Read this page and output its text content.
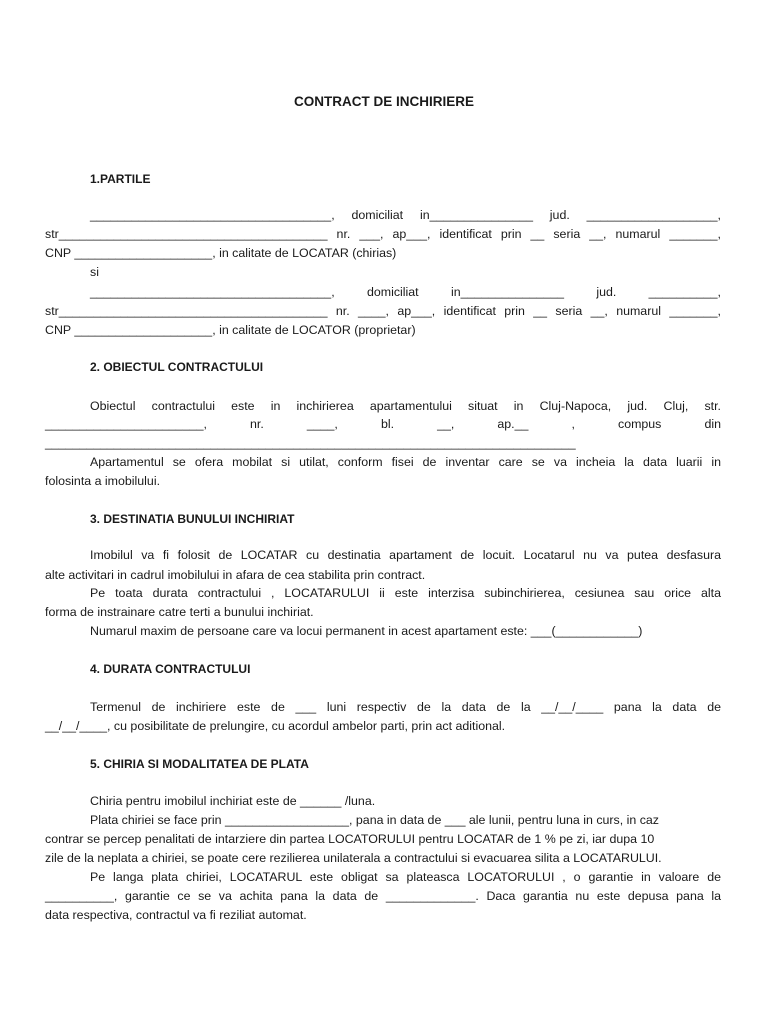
CONTRACT DE INCHIRIERE
1.PARTILE
___________________________________, domiciliat in_______________ jud. ___________________,
str_______________________________________ nr. ___, ap___, identificat prin __ seria __, numarul _______,
CNP ____________________, in calitate de LOCATAR (chirias)
si
___________________________________, domiciliat in_______________ jud. __________,
str_______________________________________ nr. ____, ap___, identificat prin __ seria __, numarul _______,
CNP ____________________, in calitate de LOCATOR (proprietar)
2. OBIECTUL CONTRACTULUI
Obiectul contractului este in inchirierea apartamentului situat in Cluj-Napoca, jud. Cluj, str.
_______________________, nr. ____, bl. __, ap.__ , compus din
_____________________________________________________________________________
Apartamentul se ofera mobilat si utilat, conform fisei de inventar care se va incheia la data luarii in
folosinta a imobilului.
3. DESTINATIA BUNULUI INCHIRIAT
Imobilul va fi folosit de LOCATAR cu destinatia apartament de locuit. Locatarul nu va putea desfasura
alte activitari in cadrul imobilului in afara de cea stabilita prin contract.
Pe toata durata contractului , LOCATARULUI ii este interzisa subinchirierea, cesiunea sau orice alta
forma de instrainare catre terti a bunului inchiriat.
Numarul maxim de persoane care va locui permanent in acest apartament este: ___(____________)
4. DURATA CONTRACTULUI
Termenul de inchiriere este de ___ luni respectiv de la data de la __/__/____ pana la data de
__/__/____, cu posibilitate de prelungire, cu acordul ambelor parti, prin act aditional.
5. CHIRIA SI MODALITATEA DE PLATA
Chiria pentru imobilul inchiriat este de ______ /luna.
Plata chiriei se face prin __________________, pana in data de ___ ale lunii, pentru luna in curs, in caz
contrar se percep penalitati de intarziere din partea LOCATORULUI pentru LOCATAR de 1 % pe zi, iar dupa 10
zile de la neplata a chiriei, se poate cere rezilierea unilaterala a contractului si evacuarea silita a LOCATARULUI.
Pe langa plata chiriei, LOCATARUL este obligat sa plateasca LOCATORULUI , o garantie in valoare de
__________, garantie ce se va achita pana la data de _____________. Daca garantia nu este depusa pana la
data respectiva, contractul va fi reziliat automat.
